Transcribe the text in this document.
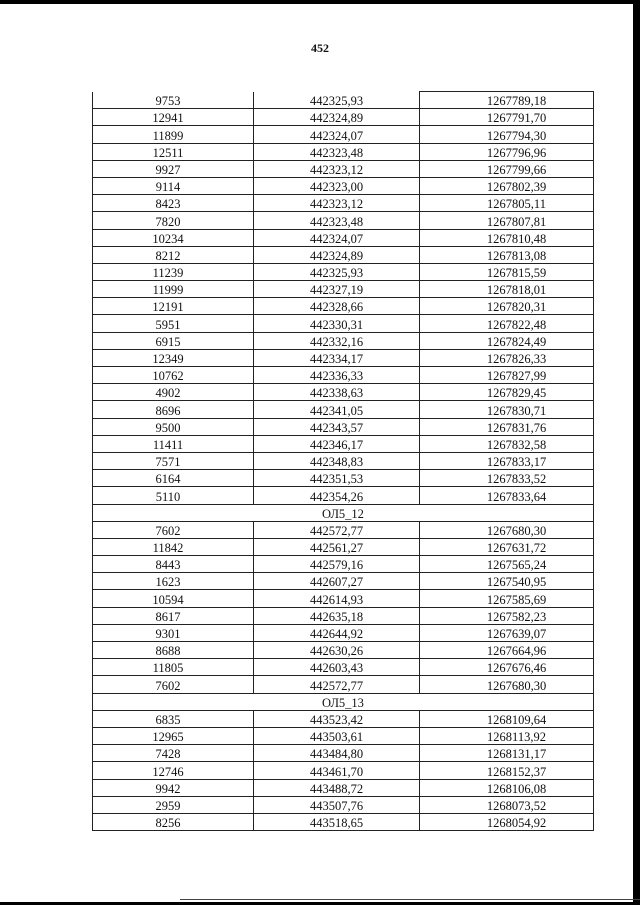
452
9753	442325,93	1267789,18
12941	442324,89	1267791,70
11899	442324,07	1267794,30
12511	442323,48	1267796,96
9927	442323,12	1267799,66
9114	442323,00	1267802,39
8423	442323,12	1267805,11
7820	442323,48	1267807,81
10234	442324,07	1267810,48
8212	442324,89	1267813,08
11239	442325,93	1267815,59
11999	442327,19	1267818,01
12191	442328,66	1267820,31
5951	442330,31	1267822,48
6915	442332,16	1267824,49
12349	442334,17	1267826,33
10762	442336,33	1267827,99
4902	442338,63	1267829,45
8696	442341,05	1267830,71
9500	442343,57	1267831,76
11411	442346,17	1267832,58
7571	442348,83	1267833,17
6164	442351,53	1267833,52
5110	442354,26	1267833,64
ОЛ5_12		
7602	442572,77	1267680,30
11842	442561,27	1267631,72
8443	442579,16	1267565,24
1623	442607,27	1267540,95
10594	442614,93	1267585,69
8617	442635,18	1267582,23
9301	442644,92	1267639,07
8688	442630,26	1267664,96
11805	442603,43	1267676,46
7602	442572,77	1267680,30
ОЛ5_13		
6835	443523,42	1268109,64
12965	443503,61	1268113,92
7428	443484,80	1268131,17
12746	443461,70	1268152,37
9942	443488,72	1268106,08
2959	443507,76	1268073,52
8256	443518,65	1268054,92
